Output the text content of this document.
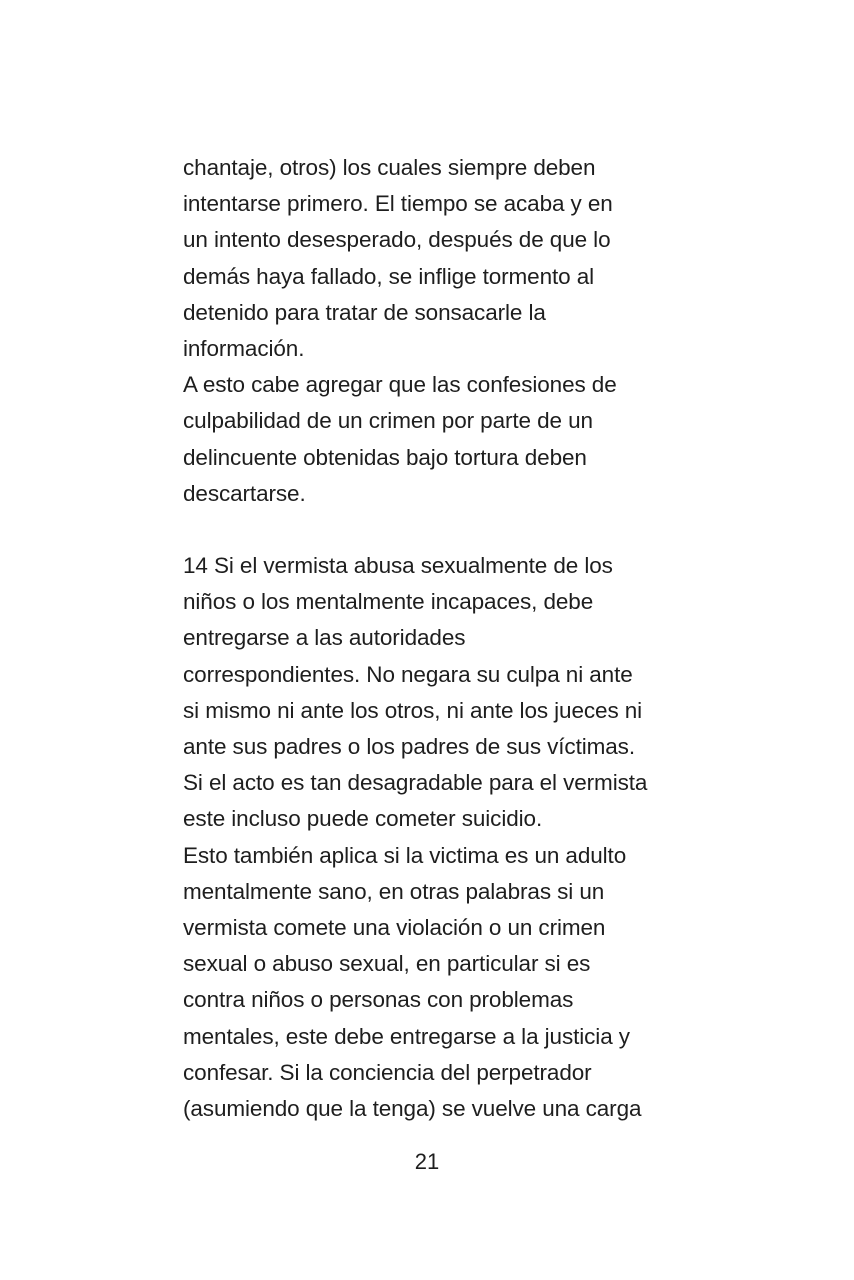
chantaje, otros) los cuales siempre deben
intentarse primero. El tiempo se acaba y en
un intento desesperado, después de que lo
demás haya fallado, se inflige tormento al
detenido para tratar de sonsacarle la
información.
A esto cabe agregar que las confesiones de
culpabilidad de un crimen por parte de un
delincuente obtenidas bajo tortura deben
descartarse.
14 Si el vermista abusa sexualmente de los
niños o los mentalmente incapaces, debe
entregarse a las autoridades
correspondientes. No negara su culpa ni ante
si mismo ni ante los otros, ni ante los jueces ni
ante sus padres o los padres de sus víctimas.
Si el acto es tan desagradable para el vermista
este incluso puede cometer suicidio.
Esto también aplica si la victima es un adulto
mentalmente sano, en otras palabras si un
vermista comete una violación o un crimen
sexual o abuso sexual, en particular si es
contra niños o personas con problemas
mentales, este debe entregarse a la justicia y
confesar. Si la conciencia del perpetrador
(asumiendo que la tenga) se vuelve una carga
21
